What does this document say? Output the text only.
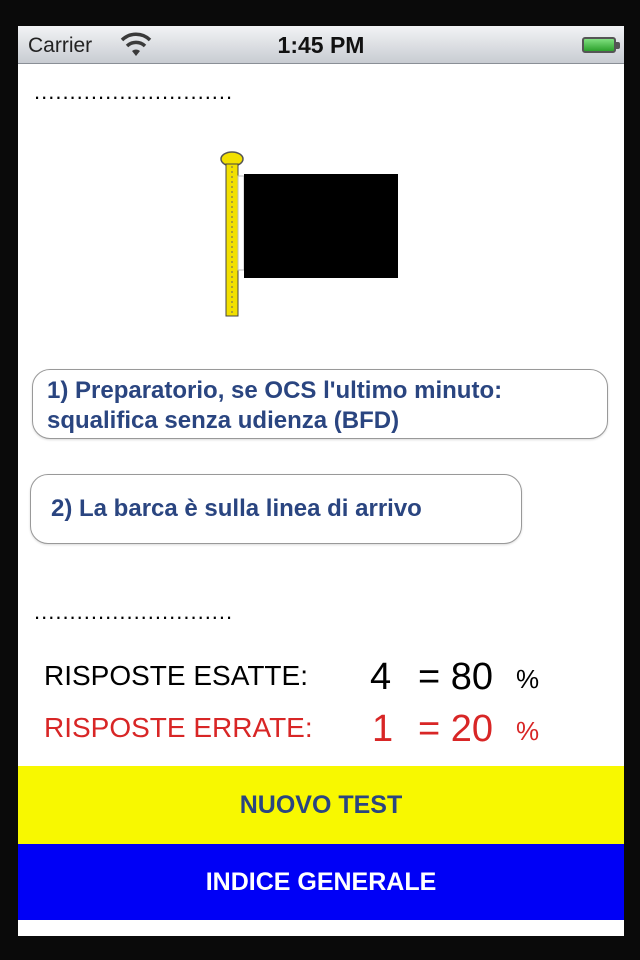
Carrier	1:45 PM
............................
1) Preparatorio, se OCS l'ultimo minuto:
squalifica senza udienza (BFD)
2) La barca è sulla linea di arrivo
............................
RISPOSTE ESATTE: 4 = 80 %
RISPOSTE ERRATE: 1 = 20 %
NUOVO TEST
INDICE GENERALE
